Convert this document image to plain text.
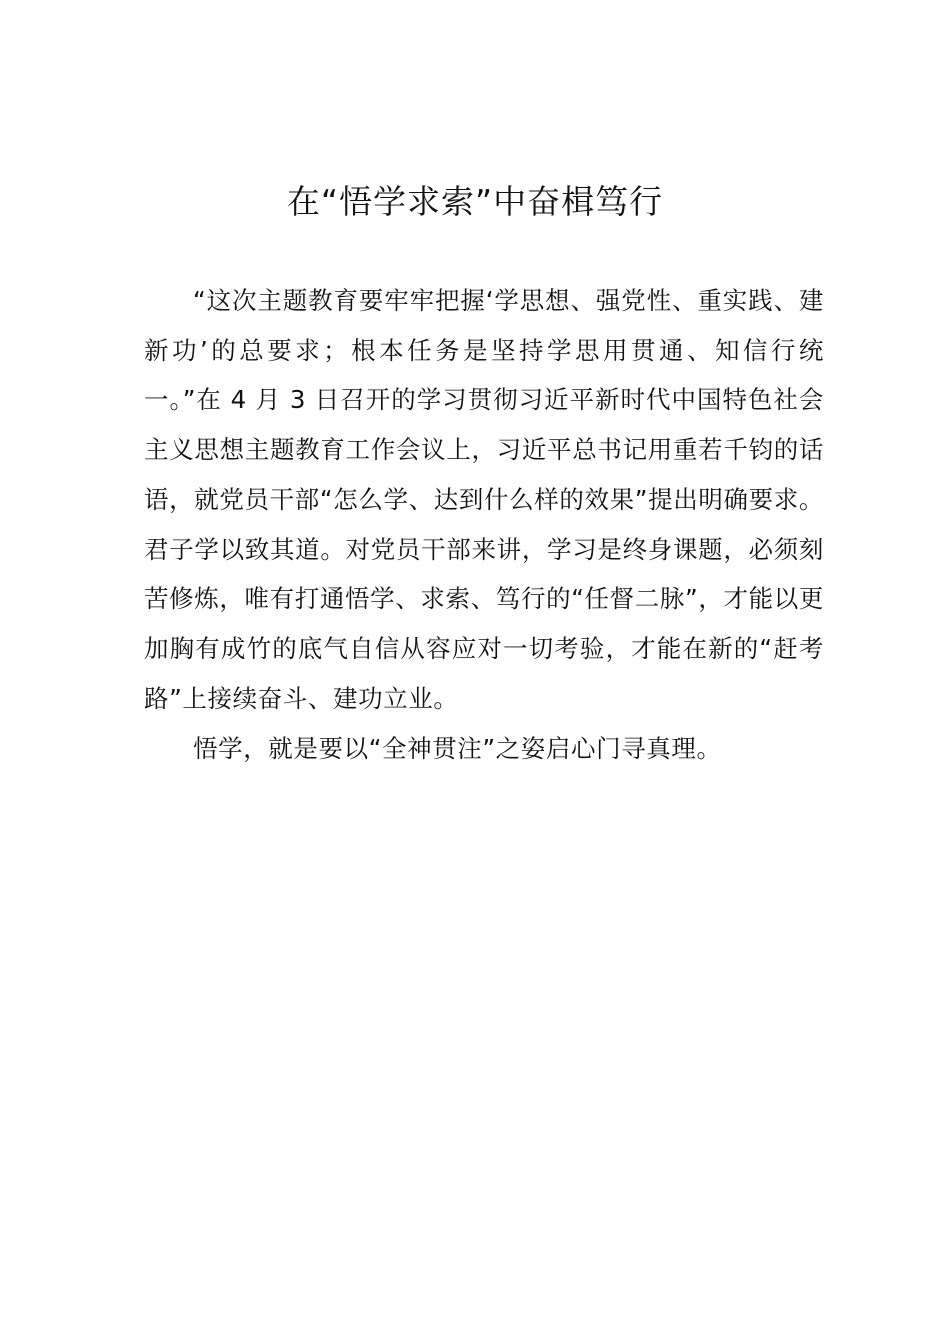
在“悟学求索”中奋楫笃行

“这次主题教育要牢牢把握‘学思想、强党性、重实践、建新功’的总要求；根本任务是坚持学思用贯通、知信行统一。”在 4 月 3 日召开的学习贯彻习近平新时代中国特色社会主义思想主题教育工作会议上，习近平总书记用重若千钧的话语，就党员干部“怎么学、达到什么样的效果”提出明确要求。君子学以致其道。对党员干部来讲，学习是终身课题，必须刻苦修炼，唯有打通悟学、求索、笃行的“任督二脉”，才能以更加胸有成竹的底气自信从容应对一切考验，才能在新的“赶考路”上接续奋斗、建功立业。

悟学，就是要以“全神贯注”之姿启心门寻真理。
